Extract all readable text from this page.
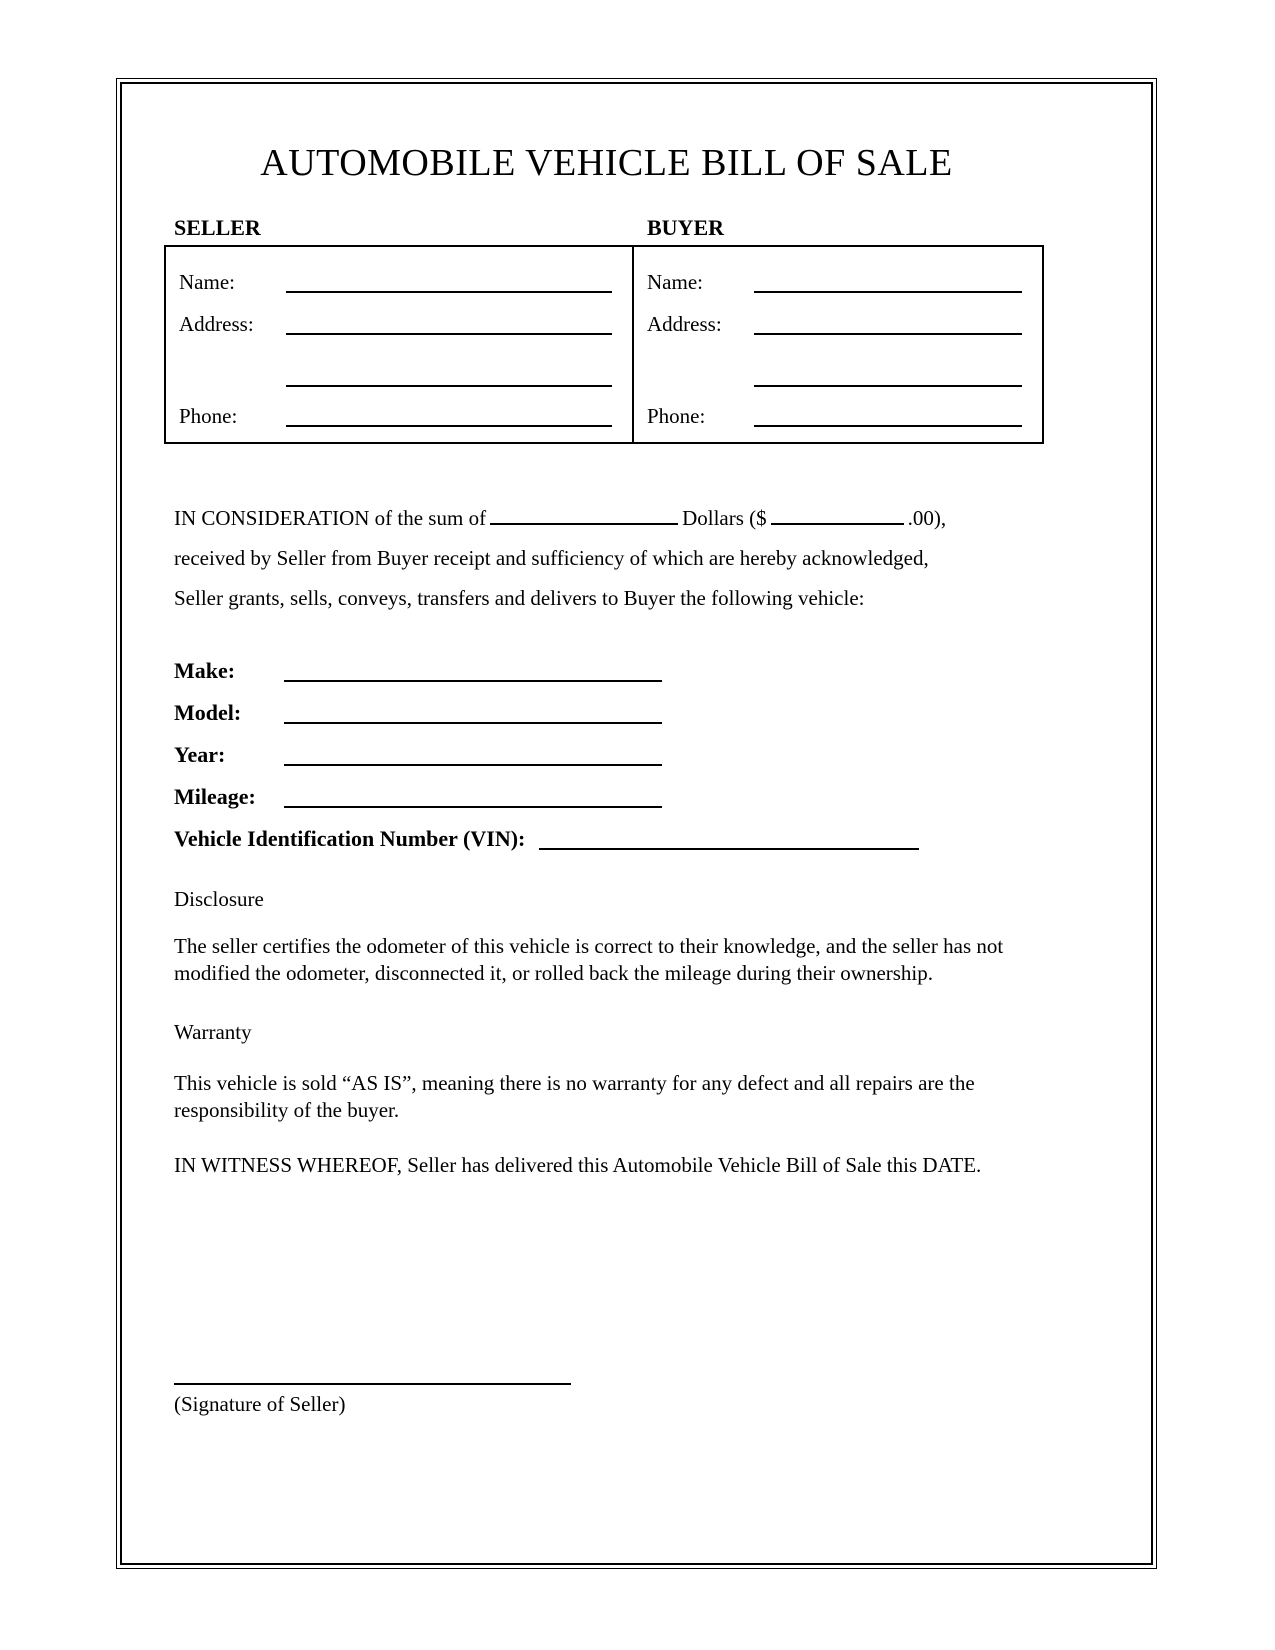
AUTOMOBILE VEHICLE BILL OF SALE
SELLER	BUYER
Name:
Address:
Phone:
Name:
Address:
Phone:
IN CONSIDERATION of the sum of	Dollars ($	.00),
received by Seller from Buyer receipt and sufficiency of which are hereby acknowledged,
Seller grants, sells, conveys, transfers and delivers to Buyer the following vehicle:
Make:
Model:
Year:
Mileage:
Vehicle Identification Number (VIN):
Disclosure

The seller certifies the odometer of this vehicle is correct to their knowledge, and the seller has not modified the odometer, disconnected it, or rolled back the mileage during their ownership.

Warranty

This vehicle is sold “AS IS”, meaning there is no warranty for any defect and all repairs are the responsibility of the buyer.

IN WITNESS WHEREOF, Seller has delivered this Automobile Vehicle Bill of Sale this DATE.

(Signature of Seller)
